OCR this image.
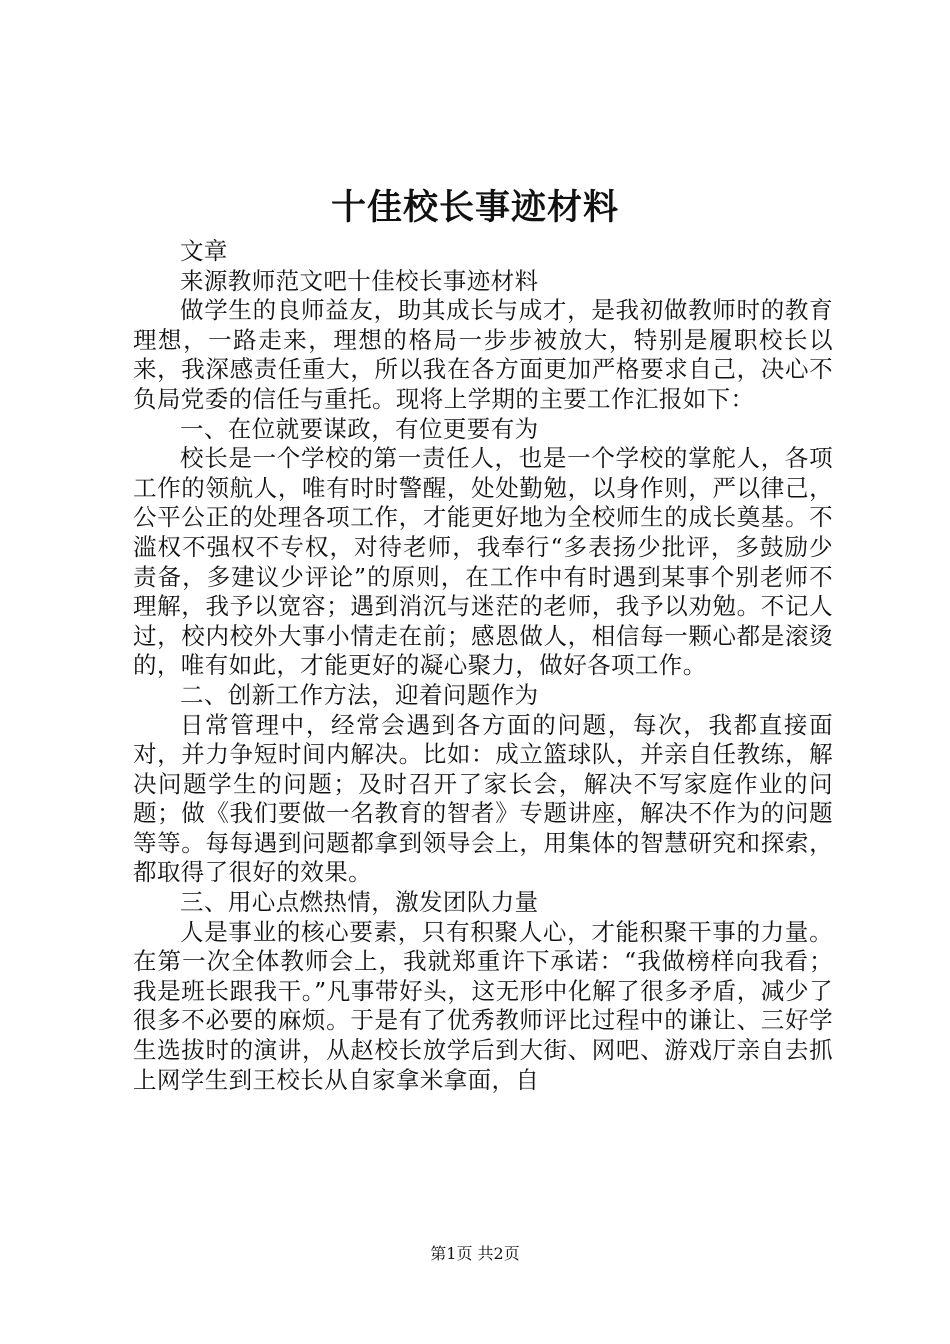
十佳校长事迹材料

文章

来源教师范文吧十佳校长事迹材料

做学生的良师益友，助其成长与成才，是我初做教师时的教育理想，一路走来，理想的格局一步步被放大，特别是履职校长以来，我深感责任重大，所以我在各方面更加严格要求自己，决心不负局党委的信任与重托。现将上学期的主要工作汇报如下：

一、在位就要谋政，有位更要有为

校长是一个学校的第一责任人，也是一个学校的掌舵人，各项工作的领航人，唯有时时警醒，处处勤勉，以身作则，严以律己，公平公正的处理各项工作，才能更好地为全校师生的成长奠基。不滥权不强权不专权，对待老师，我奉行“多表扬少批评，多鼓励少责备，多建议少评论”的原则，在工作中有时遇到某事个别老师不理解，我予以宽容；遇到消沉与迷茫的老师，我予以劝勉。不记人过，校内校外大事小情走在前；感恩做人，相信每一颗心都是滚烫的，唯有如此，才能更好的凝心聚力，做好各项工作。

二、创新工作方法，迎着问题作为

日常管理中，经常会遇到各方面的问题，每次，我都直接面对，并力争短时间内解决。比如：成立篮球队，并亲自任教练，解决问题学生的问题；及时召开了家长会，解决不写家庭作业的问题；做《我们要做一名教育的智者》专题讲座，解决不作为的问题等等。每每遇到问题都拿到领导会上，用集体的智慧研究和探索，都取得了很好的效果。

三、用心点燃热情，激发团队力量

人是事业的核心要素，只有积聚人心，才能积聚干事的力量。在第一次全体教师会上，我就郑重许下承诺：“我做榜样向我看；我是班长跟我干。”凡事带好头，这无形中化解了很多矛盾，减少了很多不必要的麻烦。于是有了优秀教师评比过程中的谦让、三好学生选拔时的演讲，从赵校长放学后到大街、网吧、游戏厅亲自去抓上网学生到王校长从自家拿米拿面，自

第1页 共2页
